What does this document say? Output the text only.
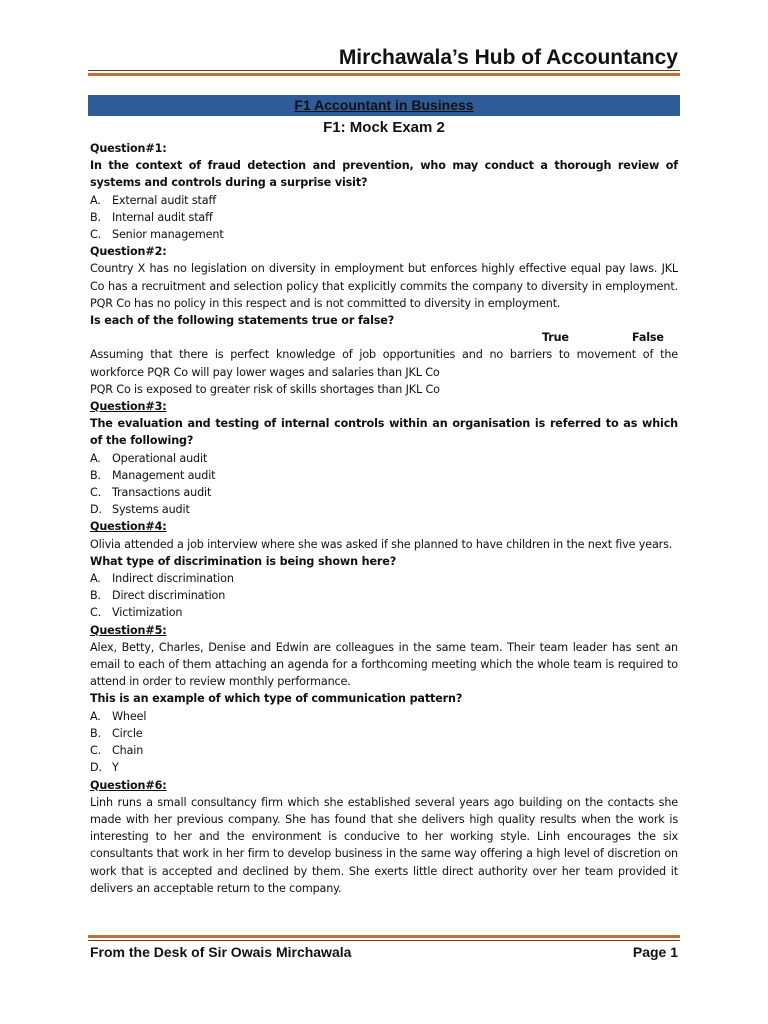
Mirchawala’s Hub of Accountancy
F1 Accountant in Business
F1: Mock Exam 2
Question#1:
In the context of fraud detection and prevention, who may conduct a thorough review of systems and controls during a surprise visit?
A.	External audit staff
B. Internal audit staff
C. Senior management
Question#2:
Country X has no legislation on diversity in employment but enforces highly effective equal pay laws. JKL Co has a recruitment and selection policy that explicitly commits the company to diversity in employment. PQR Co has no policy in this respect and is not committed to diversity in employment.
Is each of the following statements true or false?
True	False
Assuming that there is perfect knowledge of job opportunities and no barriers to movement of the workforce PQR Co will pay lower wages and salaries than JKL Co
PQR Co is exposed to greater risk of skills shortages than JKL Co
Question#3:
The evaluation and testing of internal controls within an organisation is referred to as which of the following?
A.	Operational audit
B. Management audit
C. Transactions audit
D. Systems audit
Question#4:
Olivia attended a job interview where she was asked if she planned to have children in the next five years.
What type of discrimination is being shown here?
A.	Indirect discrimination
B. Direct discrimination
C. Victimization
Question#5:
Alex, Betty, Charles, Denise and Edwin are colleagues in the same team. Their team leader has sent an email to each of them attaching an agenda for a forthcoming meeting which the whole team is required to attend in order to review monthly performance.
This is an example of which type of communication pattern?
A.	Wheel
B. Circle
C. Chain
D. Y
Question#6:
Linh runs a small consultancy firm which she established several years ago building on the contacts she made with her previous company. She has found that she delivers high quality results when the work is interesting to her and the environment is conducive to her working style. Linh encourages the six consultants that work in her firm to develop business in the same way offering a high level of discretion on work that is accepted and declined by them. She exerts little direct authority over her team provided it delivers an acceptable return to the company.
From the Desk of Sir Owais Mirchawala	Page 1
